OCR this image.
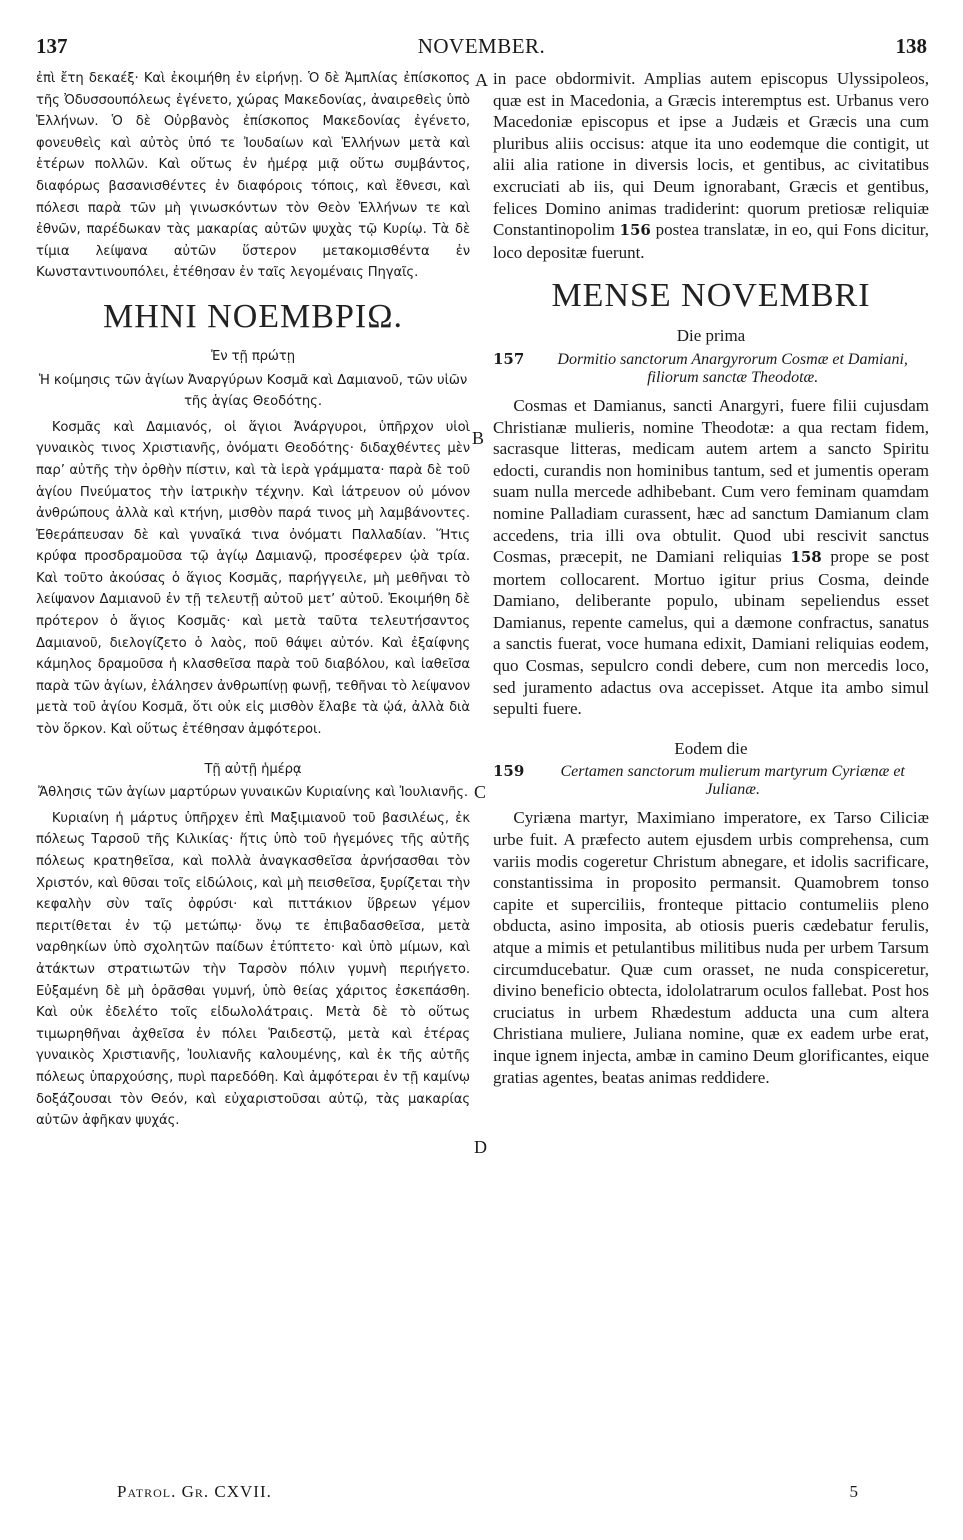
137	NOVEMBER.	138
A
B
C
D

ἐπὶ ἔτη δεκαέξ· Καὶ ἐκοιμήθη ἐν εἰρήνῃ. Ὁ δὲ Ἀμπλίας ἐπίσκοπος τῆς Ὀδυσσουπόλεως ἐγένετο, χώρας Μακεδονίας, ἀναιρεθεὶς ὑπὸ Ἑλλήνων. Ὁ δὲ Οὐρβανὸς ἐπίσκοπος Μακεδονίας ἐγένετο, φονευθεὶς καὶ αὐτὸς ὑπό τε Ἰουδαίων καὶ Ἑλλήνων μετὰ καὶ ἑτέρων πολλῶν. Καὶ οὕτως ἐν ἡμέρᾳ μιᾷ οὕτω συμβάντος, διαφόρως βασανισθέντες ἐν διαφόροις τόποις, καὶ ἔθνεσι, καὶ πόλεσι παρὰ τῶν μὴ γινωσκόντων τὸν Θεὸν Ἑλλήνων τε καὶ ἐθνῶν, παρέδωκαν τὰς μακαρίας αὐτῶν ψυχὰς τῷ Κυρίῳ. Τὰ δὲ τίμια λείψανα αὐτῶν ὕστερον μετακομισθέντα ἐν Κωνσταντινουπόλει, ἐτέθησαν ἐν ταῖς λεγομέναις Πηγαῖς.

ΜΗΝΙ ΝΟΕΜΒΡΙΩ.

Ἐν τῇ πρώτῃ

Ἡ κοίμησις τῶν ἁγίων Ἀναργύρων Κοσμᾶ καὶ Δαμιανοῦ, τῶν υἱῶν τῆς ἁγίας Θεοδότης.

Κοσμᾶς καὶ Δαμιανός, οἱ ἅγιοι Ἀνάργυροι, ὑπῆρχον υἱοὶ γυναικὸς τινος Χριστιανῆς, ὀνόματι Θεοδότης· διδαχθέντες μὲν παρ’ αὐτῆς τὴν ὀρθὴν πίστιν, καὶ τὰ ἱερὰ γράμματα· παρὰ δὲ τοῦ ἁγίου Πνεύματος τὴν ἰατρικὴν τέχνην. Καὶ ἰάτρευον οὐ μόνον ἀνθρώπους ἀλλὰ καὶ κτήνη, μισθὸν παρά τινος μὴ λαμβάνοντες. Ἐθεράπευσαν δὲ καὶ γυναῖκά τινα ὀνόματι Παλλαδίαν. Ἥτις κρύφα προσδραμοῦσα τῷ ἁγίῳ Δαμιανῷ, προσέφερεν ᾠὰ τρία. Καὶ τοῦτο ἀκούσας ὁ ἅγιος Κοσμᾶς, παρήγγειλε, μὴ μεθῆναι τὸ λείψανον Δαμιανοῦ ἐν τῇ τελευτῇ αὐτοῦ μετ’ αὐτοῦ. Ἐκοιμήθη δὲ πρότερον ὁ ἅγιος Κοσμᾶς· καὶ μετὰ ταῦτα τελευτήσαντος Δαμιανοῦ, διελογίζετο ὁ λαὸς, ποῦ θάψει αὐτόν. Καὶ ἐξαίφνης κάμηλος δραμοῦσα ἡ κλασθεῖσα παρὰ τοῦ διαβόλου, καὶ ἰαθεῖσα παρὰ τῶν ἁγίων, ἐλάλησεν ἀνθρωπίνῃ φωνῇ, τεθῆναι τὸ λείψανον μετὰ τοῦ ἁγίου Κοσμᾶ, ὅτι οὐκ εἰς μισθὸν ἔλαβε τὰ ᾠά, ἀλλὰ διὰ τὸν ὅρκον. Καὶ οὕτως ἐτέθησαν ἀμφότεροι.

Τῇ αὐτῇ ἡμέρᾳ

Ἄθλησις τῶν ἁγίων μαρτύρων γυναικῶν Κυριαίνης καὶ Ἰουλιανῆς.

Κυριαίνη ἡ μάρτυς ὑπῆρχεν ἐπὶ Μαξιμιανοῦ τοῦ βασιλέως, ἐκ πόλεως Ταρσοῦ τῆς Κιλικίας· ἥτις ὑπὸ τοῦ ἡγεμόνες τῆς αὐτῆς πόλεως κρατηθεῖσα, καὶ πολλὰ ἀναγκασθεῖσα ἀρνήσασθαι τὸν Χριστόν, καὶ θῦσαι τοῖς εἰδώλοις, καὶ μὴ πεισθεῖσα, ξυρίζεται τὴν κεφαλὴν σὺν ταῖς ὀφρύσι· καὶ πιττάκιον ὕβρεων γέμον περιτίθεται ἐν τῷ μετώπῳ· ὄνῳ τε ἐπιβαδασθεῖσα, μετὰ ναρθηκίων ὑπὸ σχολητῶν παίδων ἐτύπτετο· καὶ ὑπὸ μίμων, καὶ ἀτάκτων στρατιωτῶν τὴν Ταρσὸν πόλιν γυμνὴ περιήγετο. Εὐξαμένη δὲ μὴ ὁρᾶσθαι γυμνή, ὑπὸ θείας χάριτος ἐσκεπάσθη. Καὶ οὐκ ἐδελέτο τοῖς εἰδωλολάτραις. Μετὰ δὲ τὸ οὕτως τιμωρηθῆναι ἀχθεῖσα ἐν πόλει Ῥαιδεστῷ, μετὰ καὶ ἑτέρας γυναικὸς Χριστιανῆς, Ἰουλιανῆς καλουμένης, καὶ ἐκ τῆς αὐτῆς πόλεως ὑπαρχούσης, πυρὶ παρεδόθη. Καὶ ἀμφότεραι ἐν τῇ καμίνῳ δοξάζουσαι τὸν Θεόν, καὶ εὐχαριστοῦσαι αὐτῷ, τὰς μακαρίας αὐτῶν ἀφῆκαν ψυχάς.

in pace obdormivit. Amplias autem episcopus Ulyssipoleos, quæ est in Macedonia, a Græcis interemptus est. Urbanus vero Macedoniæ episcopus et ipse a Judæis et Græcis una cum pluribus aliis occisus: atque ita uno eodemque die contigit, ut alii alia ratione in diversis locis, et gentibus, ac civitatibus excruciati ab iis, qui Deum ignorabant, Græcis et gentibus, felices Domino animas tradiderint: quorum pretiosæ reliquiæ Constantinopolim 156 postea translatæ, in eo, qui Fons dicitur, loco depositæ fuerunt.

MENSE NOVEMBRI

Die prima

157	Dormitio sanctorum Anargyrorum Cosmæ et Damiani, filiorum sanctæ Theodotæ.

Cosmas et Damianus, sancti Anargyri, fuere filii cujusdam Christianæ mulieris, nomine Theodotæ: a qua rectam fidem, sacrasque litteras, medicam autem artem a sancto Spiritu edocti, curandis non hominibus tantum, sed et jumentis operam suam nulla mercede adhibebant. Cum vero feminam quamdam nomine Palladiam curassent, hæc ad sanctum Damianum clam accedens, tria illi ova obtulit. Quod ubi rescivit sanctus Cosmas, præcepit, ne Damiani reliquias 158 prope se post mortem collocarent. Mortuo igitur prius Cosma, deinde Damiano, deliberante populo, ubinam sepeliendus esset Damianus, repente camelus, qui a dæmone confractus, sanatus a sanctis fuerat, voce humana edixit, Damiani reliquias eodem, quo Cosmas, sepulcro condi debere, cum non mercedis loco, sed juramento adactus ova accepisset. Atque ita ambo simul sepulti fuere.

Eodem die

159	Certamen sanctorum mulierum martyrum Cyriænæ et Julianæ.

Cyriæna martyr, Maximiano imperatore, ex Tarso Ciliciæ urbe fuit. A præfecto autem ejusdem urbis comprehensa, cum variis modis cogeretur Christum abnegare, et idolis sacrificare, constantissima in proposito permansit. Quamobrem tonso capite et superciliis, fronteque pittacio contumeliis pleno obducta, asino imposita, ab otiosis pueris cædebatur ferulis, atque a mimis et petulantibus militibus nuda per urbem Tarsum circumducebatur. Quæ cum orasset, ne nuda conspiceretur, divino beneficio obtecta, idololatrarum oculos fallebat. Post hos cruciatus in urbem Rhædestum adducta una cum altera Christiana muliere, Juliana nomine, quæ ex eadem urbe erat, inque ignem injecta, ambæ in camino Deum glorificantes, eique gratias agentes, beatas animas reddidere.

Patrol. Gr. CXVII.	5
